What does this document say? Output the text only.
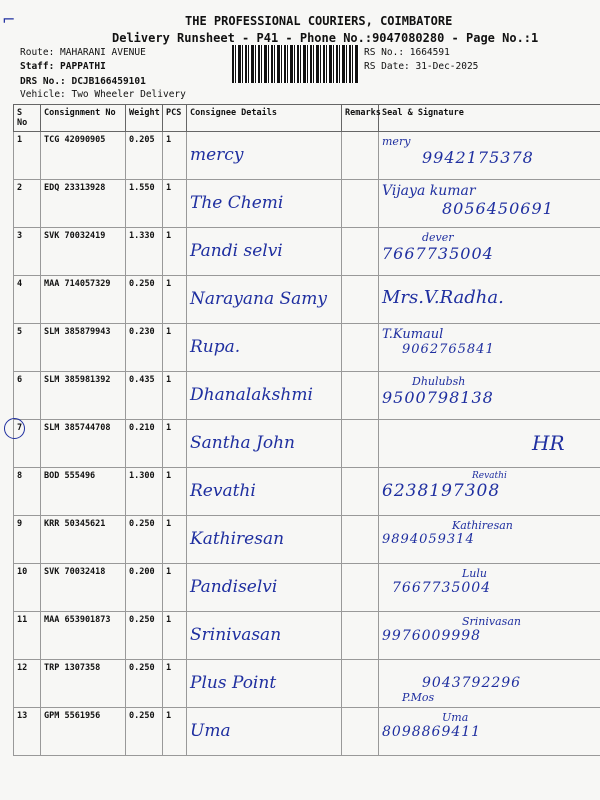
THE PROFESSIONAL COURIERS, COIMBATORE
Delivery Runsheet - P41 - Phone No.:9047080280 - Page No.:1
Route: MAHARANI AVENUE
Staff: PAPPATHI
DRS No.: DCJB166459101
Vehicle: Two Wheeler Delivery
RS No.: 1664591
RS Date: 31-Dec-2025
S No	Consignment No	Weight	PCS	Consignee Details	Remarks	Seal & Signature
1	TCG 42090905	0.205	1	mercy		mery
9942175378

2	EDQ 23313928	1.550	1	The Chemi		Vijaya kumar
8056450691

3	SVK 70032419	1.330	1	Pandi selvi		dever
7667735004

4	MAA 714057329	0.250	1	Narayana Samy		Mrs.V.Radha.

5	SLM 385879943	0.230	1	Rupa.		T.Kumaul
9062765841

6	SLM 385981392	0.435	1	Dhanalakshmi		Dhulubsh
9500798138

7	SLM 385744708	0.210	1	Santha John		HR

8	BOD 555496	1.300	1	Revathi		Revathi
6238197308

9	KRR 50345621	0.250	1	Kathiresan		Kathiresan
9894059314

10	SVK 70032418	0.200	1	Pandiselvi		Lulu
7667735004

11	MAA 653901873	0.250	1	Srinivasan		Srinivasan
9976009998

12	TRP 1307358	0.250	1	Plus Point		9043792296
P.Mos

13	GPM 5561956	0.250	1	Uma		Uma
8098869411
⌐
